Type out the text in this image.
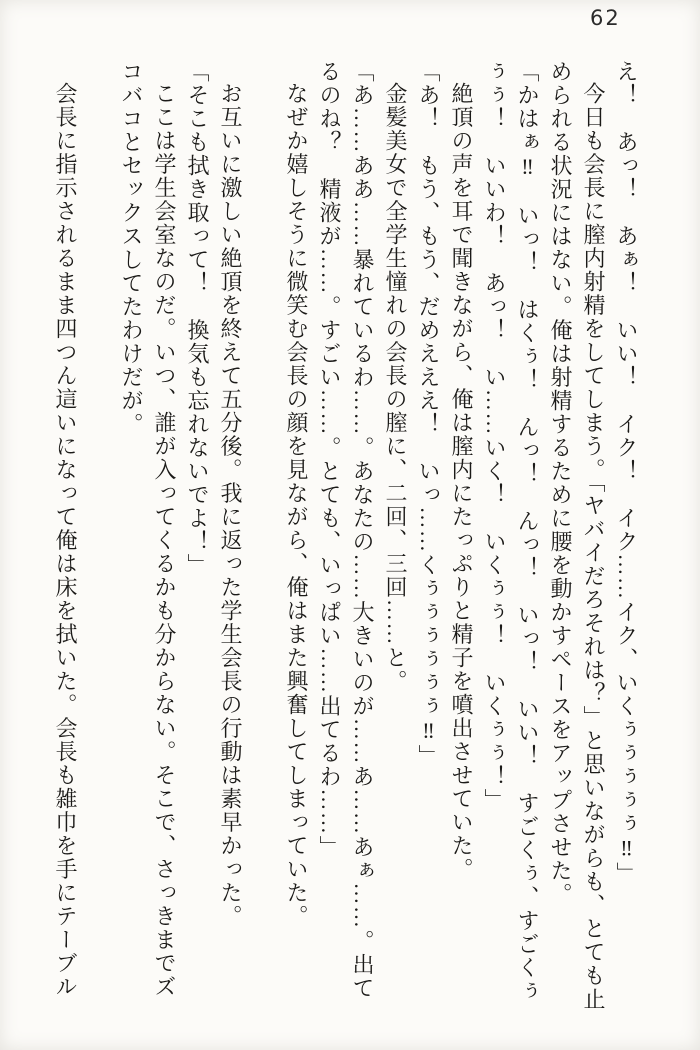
62
え！　あっ！　あぁ！　いい！　イク！　イク……イク、いくぅぅぅぅぅ‼」
今日も会長に膣内射精をしてしまう。「ヤバイだろそれは？」と思いながらも、とても止
められる状況にはない。俺は射精するために腰を動かすペースをアップさせた。
「かはぁ‼　いっ！　はくぅ！　んっ！　んっ！　いっ！　いい！　すごくぅ、すごくぅ
ぅぅ！　いいわ！　あっ！　い……いく！　いくぅぅ！　いくぅぅ！」
絶頂の声を耳で聞きながら、俺は膣内にたっぷりと精子を噴出させていた。
「あ！　もう、もう、だめえええ！　いっ……くぅぅぅぅぅぅ‼」
金髪美女で全学生憧れの会長の膣に、二回、三回……と。
「あ……ああ……暴れているわ……。あなたの……大きいのが……あ……あぁ……。出て
るのね？　精液が……。すごい……。とても、いっぱい……出てるわ……」
なぜか嬉しそうに微笑む会長の顔を見ながら、俺はまた興奮してしまっていた。
お互いに激しい絶頂を終えて五分後。我に返った学生会長の行動は素早かった。
「そこも拭き取って！　換気も忘れないでよ！」
ここは学生会室なのだ。いつ、誰が入ってくるかも分からない。そこで、さっきまでズ
コバコとセックスしてたわけだが。
会長に指示されるまま四つん這いになって俺は床を拭いた。会長も雑巾を手にテーブル
